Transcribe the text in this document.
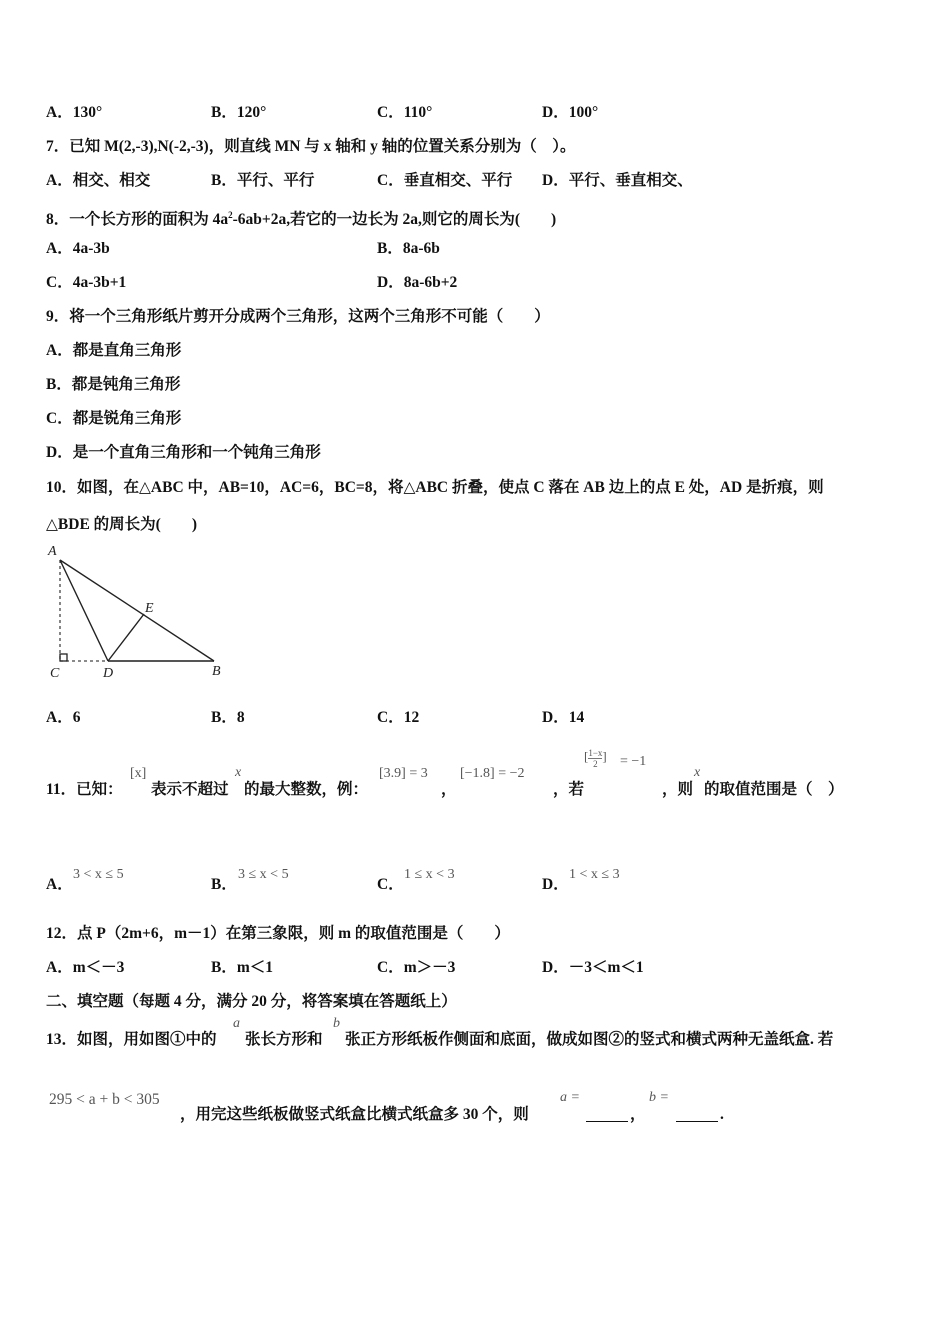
A．130°	B．120°	C．110°	D．100°
7．已知 M(2,-3),N(-2,-3)，则直线 MN 与 x 轴和 y 轴的位置关系分别为（　）。
A．相交、相交	B．平行、平行	C．垂直相交、平行 D．平行、垂直相交、
8．一个长方形的面积为 $4a^2-6ab+2a$,若它的一边长为 2a,则它的周长为(　　)
A．4a-3b	B．8a-6b
C．4a-3b+1	D．8a-6b+2
9．将一个三角形纸片剪开分成两个三角形，这两个三角形不可能（　　）
A．都是直角三角形
B．都是钝角三角形
C．都是锐角三角形
D．是一个直角三角形和一个钝角三角形
10．如图，在△ABC 中，AB=10，AC=6，BC=8，将△ABC 折叠，使点 C 落在 AB 边上的点 E 处，AD 是折痕，则
△BDE 的周长为(　　)
A
E
C	D	B
A．6	B．8	C．12	D．14
11．已知：
[x]
表示不超过
x
的最大整数，例：
[3.9] = 3
，
[−1.8] = −2
，若
[ $\frac{1-x}{2}$ ] = −1
，则
x
的取值范围是（　）
A．
3 < x ≤ 5
B．
3 ≤ x < 5
C．
1 ≤ x < 3
D．
1 < x ≤ 3
12．点 P（2m+6，m－1）在第三象限，则 m 的取值范围是（　　）
A．m＜－3	B．m＜1	C．m＞－3	D．－3＜m＜1
二、填空题（每题 4 分，满分 20 分，将答案填在答题纸上）
13．如图，用如图①中的
a
张长方形和
b
张正方形纸板作侧面和底面，做成如图②的竖式和横式两种无盖纸盒. 若
295 < a + b < 305
，用完这些纸板做竖式纸盒比横式纸盒多 30 个，则
a =
，
b =
.
